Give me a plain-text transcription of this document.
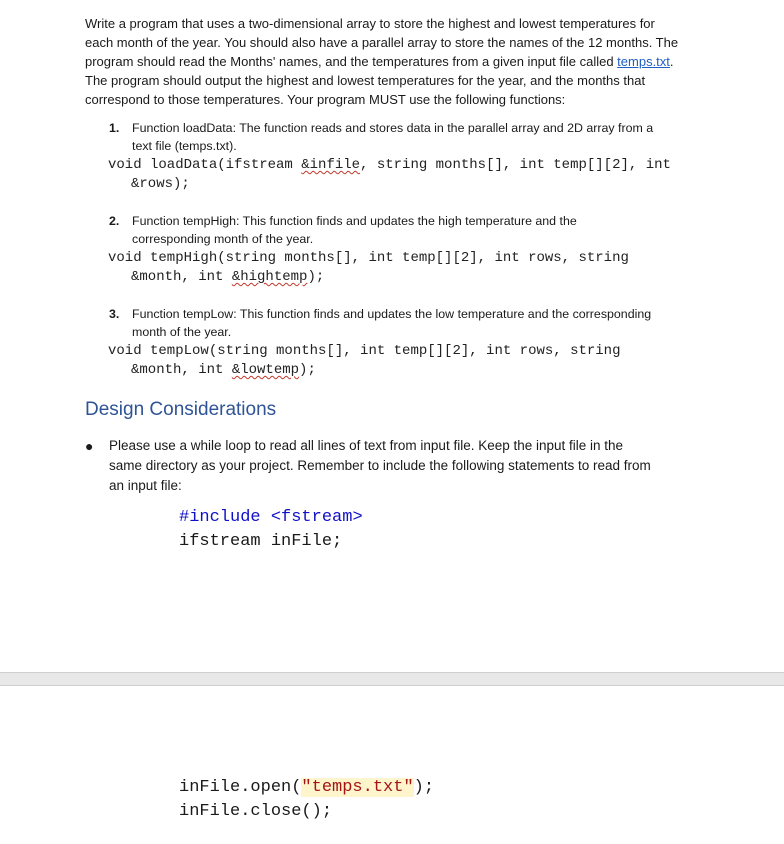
Write a program that uses a two-dimensional array to store the highest and lowest temperatures for
each month of the year. You should also have a parallel array to store the names of the 12 months. The
program should read the Months' names, and the temperatures from a given input file called temps.txt.
The program should output the highest and lowest temperatures for the year, and the months that
correspond to those temperatures. Your program MUST use the following functions:
1.	Function loadData: The function reads and stores data in the parallel array and 2D array from a
text file (temps.txt).
void loadData(ifstream &infile, string months[], int temp[][2], int
&rows);
2.	Function tempHigh: This function finds and updates the high temperature and the
corresponding month of the year.
void tempHigh(string months[], int temp[][2], int rows, string
&month, int &hightemp);
3.	Function tempLow: This function finds and updates the low temperature and the corresponding
month of the year.
void tempLow(string months[], int temp[][2], int rows, string
&month, int &lowtemp);
Design Considerations
●	Please use a while loop to read all lines of text from input file. Keep the input file in the
same directory as your project. Remember to include the following statements to read from
an input file:
#include <fstream>
ifstream inFile;
inFile.open("temps.txt");
inFile.close();
